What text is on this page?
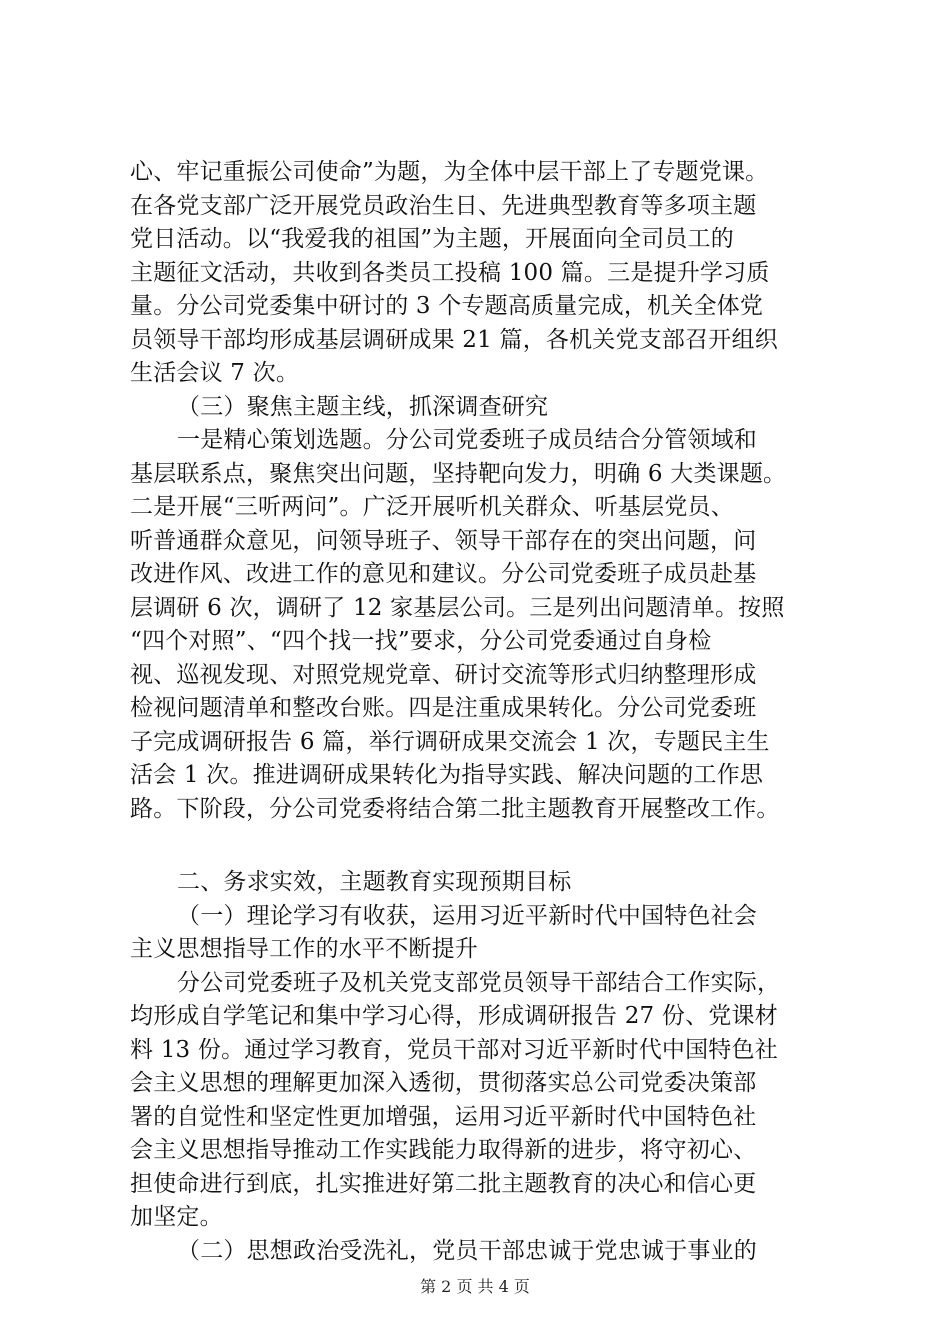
心、牢记重振公司使命”为题，为全体中层干部上了专题党课。
在各党支部广泛开展党员政治生日、先进典型教育等多项主题
党日活动。以“我爱我的祖国”为主题，开展面向全司员工的
主题征文活动，共收到各类员工投稿 100 篇。三是提升学习质
量。分公司党委集中研讨的 3 个专题高质量完成，机关全体党
员领导干部均形成基层调研成果 21 篇，各机关党支部召开组织
生活会议 7 次。
（三）聚焦主题主线，抓深调查研究
一是精心策划选题。分公司党委班子成员结合分管领域和
基层联系点，聚焦突出问题，坚持靶向发力，明确 6 大类课题。
二是开展“三听两问”。广泛开展听机关群众、听基层党员、
听普通群众意见，问领导班子、领导干部存在的突出问题，问
改进作风、改进工作的意见和建议。分公司党委班子成员赴基
层调研 6 次，调研了 12 家基层公司。三是列出问题清单。按照
“四个对照”、“四个找一找”要求，分公司党委通过自身检
视、巡视发现、对照党规党章、研讨交流等形式归纳整理形成
检视问题清单和整改台账。四是注重成果转化。分公司党委班
子完成调研报告 6 篇，举行调研成果交流会 1 次，专题民主生
活会 1 次。推进调研成果转化为指导实践、解决问题的工作思
路。下阶段，分公司党委将结合第二批主题教育开展整改工作。
二、务求实效，主题教育实现预期目标
（一）理论学习有收获，运用习近平新时代中国特色社会
主义思想指导工作的水平不断提升
分公司党委班子及机关党支部党员领导干部结合工作实际，
均形成自学笔记和集中学习心得，形成调研报告 27 份、党课材
料 13 份。通过学习教育，党员干部对习近平新时代中国特色社
会主义思想的理解更加深入透彻，贯彻落实总公司党委决策部
署的自觉性和坚定性更加增强，运用习近平新时代中国特色社
会主义思想指导推动工作实践能力取得新的进步，将守初心、
担使命进行到底，扎实推进好第二批主题教育的决心和信心更
加坚定。
（二）思想政治受洗礼，党员干部忠诚于党忠诚于事业的
第 2 页 共 4 页
